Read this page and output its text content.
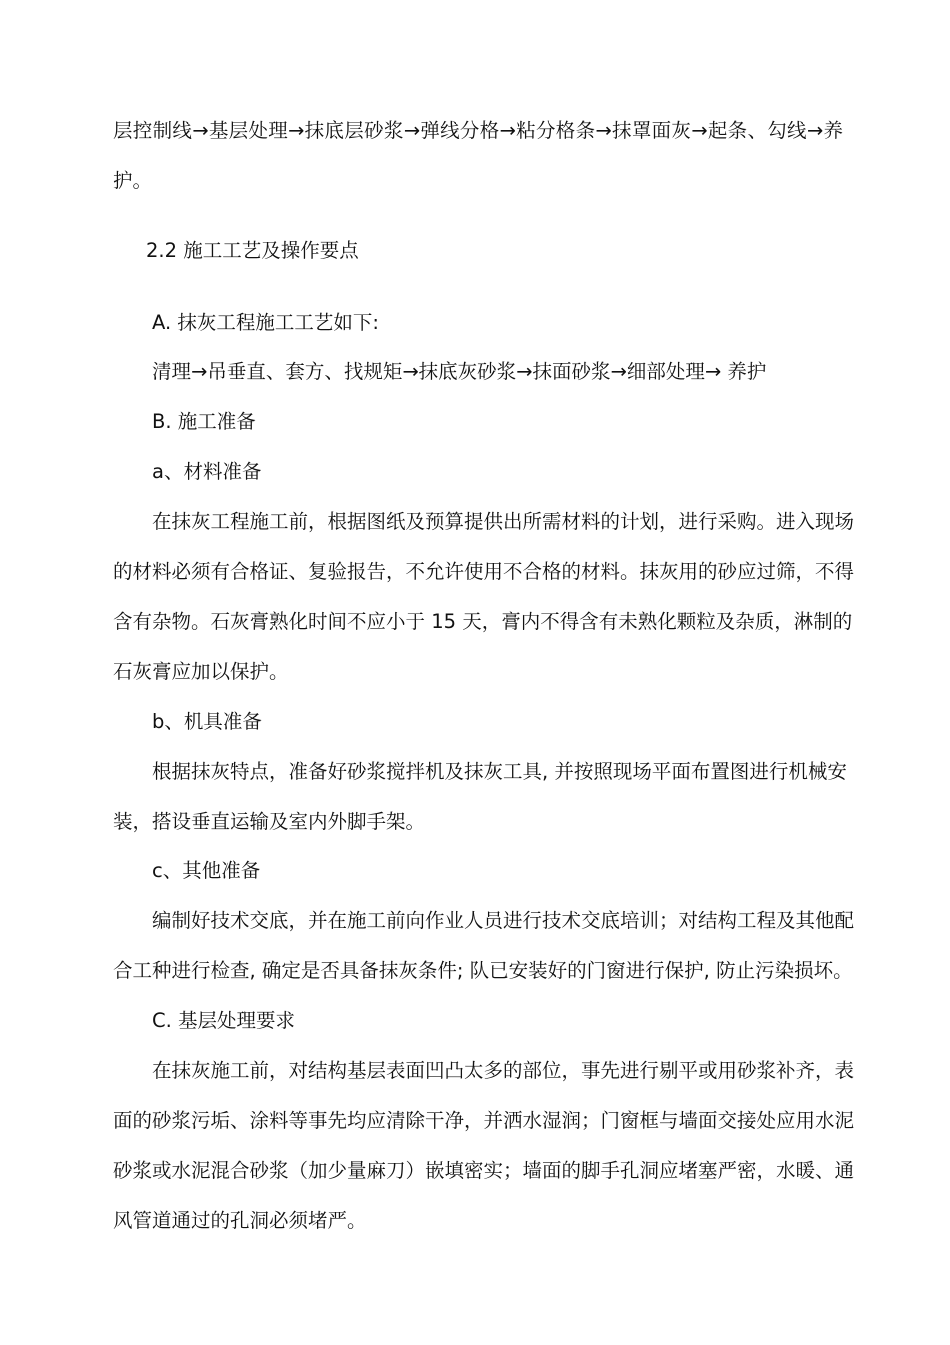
层控制线→基层处理→抹底层砂浆→弹线分格→粘分格条→抹罩面灰→起条、勾线→养
护。
2.2 施工工艺及操作要点
A. 抹灰工程施工工艺如下:
清理→吊垂直、套方、找规矩→抹底灰砂浆→抹面砂浆→细部处理→ 养护
B. 施工准备
a、材料准备
在抹灰工程施工前，根据图纸及预算提供出所需材料的计划，进行采购。进入现场
的材料必须有合格证、复验报告，不允许使用不合格的材料。抹灰用的砂应过筛，不得
含有杂物。石灰膏熟化时间不应小于 15 天，膏内不得含有未熟化颗粒及杂质，淋制的
石灰膏应加以保护。
b、机具准备
根据抹灰特点，准备好砂浆搅拌机及抹灰工具, 并按照现场平面布置图进行机械安
装，搭设垂直运输及室内外脚手架。
c、其他准备
编制好技术交底，并在施工前向作业人员进行技术交底培训；对结构工程及其他配
合工种进行检查, 确定是否具备抹灰条件; 队已安装好的门窗进行保护, 防止污染损坏。
C. 基层处理要求
在抹灰施工前，对结构基层表面凹凸太多的部位，事先进行剔平或用砂浆补齐，表
面的砂浆污垢、涂料等事先均应清除干净，并洒水湿润；门窗框与墙面交接处应用水泥
砂浆或水泥混合砂浆（加少量麻刀）嵌填密实；墙面的脚手孔洞应堵塞严密，水暖、通
风管道通过的孔洞必须堵严。
